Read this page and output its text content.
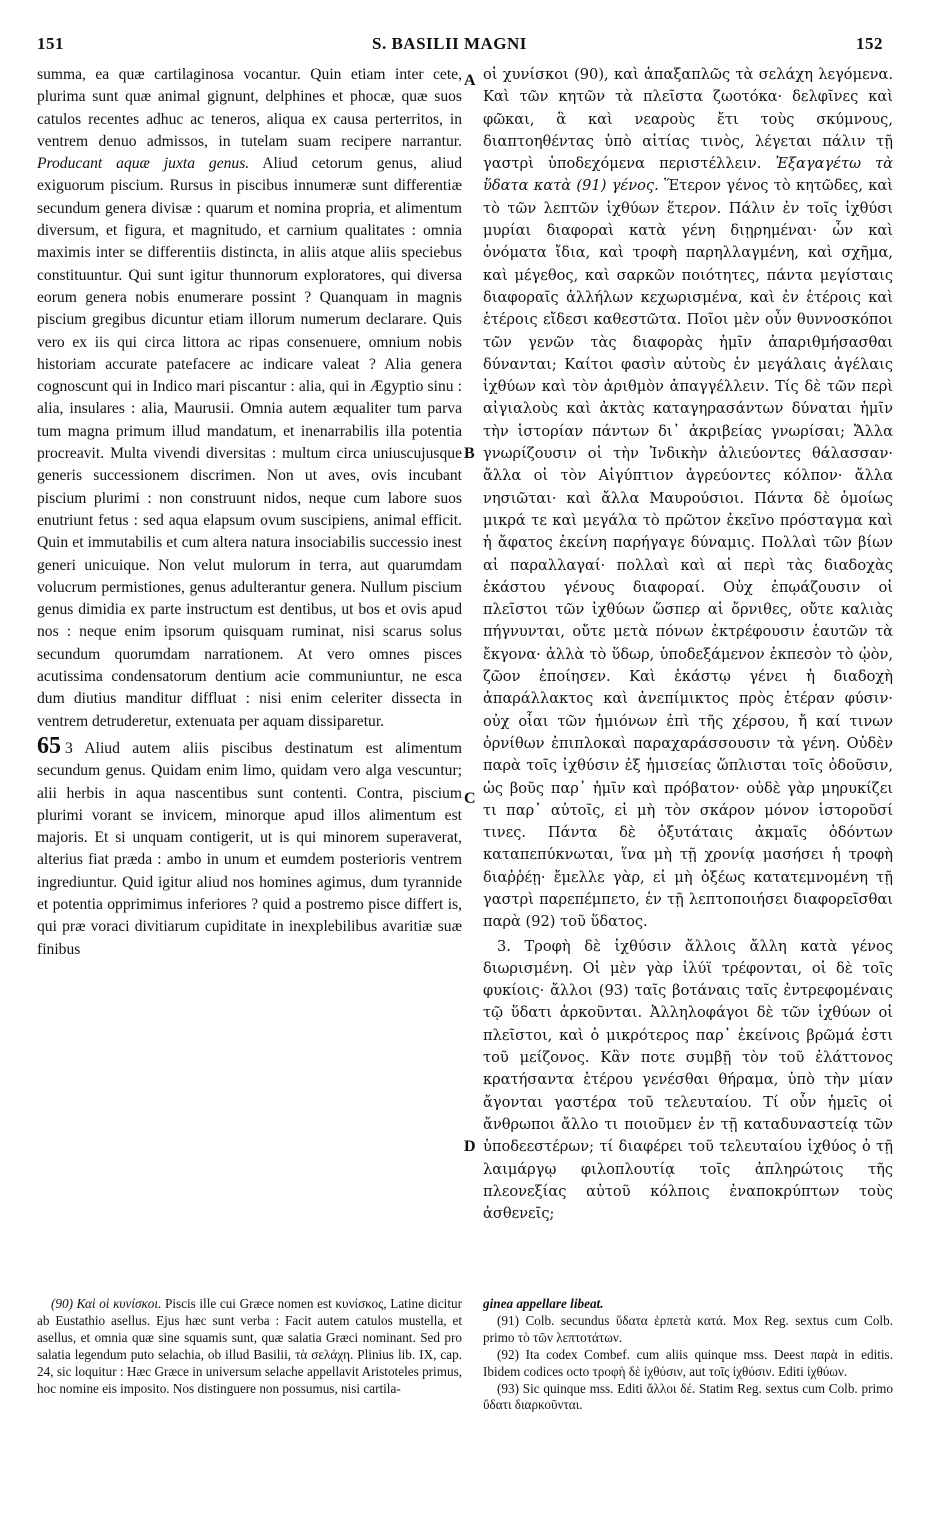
151	S. BASILII MAGNI	152

summa, ea quæ cartilaginosa vocantur. Quin etiam inter cete, plurima sunt quæ animal gignunt, delphines et phocæ, quæ suos catulos recentes adhuc ac teneros, aliqua ex causa perterritos, in ventrem denuo admissos, in tutelam suam recipere narrantur. Producant aquæ juxta genus. Aliud cetorum genus, aliud exiguorum piscium. Rursus in piscibus innumeræ sunt differentiæ secundum genera divisæ : quarum et nomina propria, et alimentum diversum, et figura, et magnitudo, et carnium qualitates : omnia maximis inter se differentiis distincta, in aliis atque aliis speciebus constituuntur. Qui sunt igitur thunnorum exploratores, qui diversa eorum genera nobis enumerare possint ? Quanquam in magnis piscium gregibus dicuntur etiam illorum numerum declarare. Quis vero ex iis qui circa littora ac ripas consenuere, omnium nobis historiam accurate patefacere ac indicare valeat ? Alia genera cognoscunt qui in Indico mari piscantur : alia, qui in Ægyptio sinu : alia, insulares : alia, Maurusii. Omnia autem æqualiter tum parva tum magna primum illud mandatum, et inenarrabilis illa potentia procreavit. Multa vivendi diversitas : multum circa uniuscujusque generis successionem discrimen. Non ut aves, ovis incubant piscium plurimi : non construunt nidos, neque cum labore suos enutriunt fetus : sed aqua elapsum ovum suscipiens, animal efficit. Quin et immutabilis et cum altera natura insociabilis successio inest generi unicuique. Non velut mulorum in terra, aut quarumdam volucrum permistiones, genus adulterantur genera. Nullum piscium genus dimidia ex parte instructum est dentibus, ut bos et ovis apud nos : neque enim ipsorum quisquam ruminat, nisi scarus solus secundum quorumdam narrationem. At vero omnes pisces acutissima condensatorum dentium acie communiuntur, ne esca dum diutius manditur diffluat : nisi enim celeriter dissecta in ventrem detruderetur, extenuata per aquam dissiparetur.

65 3 Aliud autem aliis piscibus destinatum est alimentum secundum genus. Quidam enim limo, quidam vero alga vescuntur; alii herbis in aqua nascentibus sunt contenti. Contra, piscium plurimi vorant se invicem, minorque apud illos alimentum est majoris. Et si unquam contigerit, ut is qui minorem superaverat, alterius fiat præda : ambo in unum et eumdem posterioris ventrem ingrediuntur. Quid igitur aliud nos homines agimus, dum tyrannide et potentia opprimimus inferiores ? quid a postremo pisce differt is, qui præ voraci divitiarum cupiditate in inexplebilibus avaritiæ suæ finibus

A
B
C
D

οἱ χυνίσκοι (90), καὶ ἁπαξαπλῶς τὰ σελάχη λεγόμενα. Καὶ τῶν κητῶν τὰ πλεῖστα ζωοτόκα· δελφῖνες καὶ φῶκαι, ἃ καὶ νεαροὺς ἔτι τοὺς σκύμνους, διαπτοηθέντας ὑπὸ αἰτίας τινὸς, λέγεται πάλιν τῇ γαστρὶ ὑποδεχόμενα περιστέλλειν. Ἐξαγαγέτω τὰ ὕδατα κατὰ (91) γένος. Ἕτερον γένος τὸ κητῶδες, καὶ τὸ τῶν λεπτῶν ἰχθύων ἕτερον. Πάλιν ἐν τοῖς ἰχθύσι μυρίαι διαφοραὶ κατὰ γένη διῃρημέναι· ὧν καὶ ὀνόματα ἴδια, καὶ τροφὴ παρηλλαγμένη, καὶ σχῆμα, καὶ μέγεθος, καὶ σαρκῶν ποιότητες, πάντα μεγίσταις διαφοραῖς ἀλλήλων κεχωρισμένα, καὶ ἐν ἑτέροις καὶ ἑτέροις εἴδεσι καθεστῶτα. Ποῖοι μὲν οὖν θυννοσκόποι τῶν γενῶν τὰς διαφορὰς ἡμῖν ἀπαριθμήσασθαι δύνανται; Καίτοι φασὶν αὐτοὺς ἐν μεγάλαις ἀγέλαις ἰχθύων καὶ τὸν ἀριθμὸν ἀπαγγέλλειν. Τίς δὲ τῶν περὶ αἰγιαλοὺς καὶ ἀκτὰς καταγηρασάντων δύναται ἡμῖν τὴν ἱστορίαν πάντων δι᾽ ἀκριβείας γνωρίσαι; Ἄλλα γνωρίζουσιν οἱ τὴν Ἰνδικὴν ἁλιεύοντες θάλασσαν· ἄλλα οἱ τὸν Αἰγύπτιον ἀγρεύοντες κόλπον· ἄλλα νησιῶται· καὶ ἄλλα Μαυρούσιοι. Πάντα δὲ ὁμοίως μικρά τε καὶ μεγάλα τὸ πρῶτον ἐκεῖνο πρόσταγμα καὶ ἡ ἄφατος ἐκείνη παρήγαγε δύναμις. Πολλαὶ τῶν βίων αἱ παραλλαγαί· πολλαὶ καὶ αἱ περὶ τὰς διαδοχὰς ἑκάστου γένους διαφοραί. Οὐχ ἐπῳάζουσιν οἱ πλεῖστοι τῶν ἰχθύων ὥσπερ αἱ ὄρνιθες, οὔτε καλιὰς πήγνυνται, οὔτε μετὰ πόνων ἐκτρέφουσιν ἑαυτῶν τὰ ἔκγονα· ἀλλὰ τὸ ὕδωρ, ὑποδεξάμενον ἐκπεσὸν τὸ ᾠὸν, ζῶον ἐποίησεν. Καὶ ἑκάστῳ γένει ἡ διαδοχὴ ἀπαράλλακτος καὶ ἀνεπίμικτος πρὸς ἑτέραν φύσιν· οὐχ οἷαι τῶν ἡμιόνων ἐπὶ τῆς χέρσου, ἤ καί τινων ὀρνίθων ἐπιπλοκαὶ παραχαράσσουσιν τὰ γένη. Οὐδὲν παρὰ τοῖς ἰχθύσιν ἐξ ἡμισείας ὥπλισται τοῖς ὀδοῦσιν, ὡς βοῦς παρ᾽ ἡμῖν καὶ πρόβατον· οὐδὲ γὰρ μηρυκίζει τι παρ᾽ αὐτοῖς, εἰ μὴ τὸν σκάρον μόνον ἱστοροῦσί τινες. Πάντα δὲ ὀξυτάταις ἀκμαῖς ὀδόντων καταπεπύκνωται, ἵνα μὴ τῇ χρονίᾳ μασήσει ἡ τροφὴ διαῤῥέῃ· ἔμελλε γὰρ, εἰ μὴ ὀξέως κατατεμνομένη τῇ γαστρὶ παρεπέμπετο, ἐν τῇ λεπτοποιήσει διαφορεῖσθαι παρὰ (92) τοῦ ὕδατος.

3. Τροφὴ δὲ ἰχθύσιν ἄλλοις ἄλλη κατὰ γένος διωρισμένη. Οἱ μὲν γὰρ ἰλύϊ τρέφονται, οἱ δὲ τοῖς φυκίοις· ἄλλοι (93) ταῖς βοτάναις ταῖς ἐντρεφομέναις τῷ ὕδατι ἀρκοῦνται. Ἀλληλοφάγοι δὲ τῶν ἰχθύων οἱ πλεῖστοι, καὶ ὁ μικρότερος παρ᾽ ἐκείνοις βρῶμά ἐστι τοῦ μείζονος. Κἂν ποτε συμβῇ τὸν τοῦ ἐλάττονος κρατήσαντα ἑτέρου γενέσθαι θήραμα, ὑπὸ τὴν μίαν ἄγονται γαστέρα τοῦ τελευταίου. Τί οὖν ἡμεῖς οἱ ἄνθρωποι ἄλλο τι ποιοῦμεν ἐν τῇ καταδυναστείᾳ τῶν ὑποδεεστέρων; τί διαφέρει τοῦ τελευταίου ἰχθύος ὁ τῇ λαιμάργῳ φιλοπλουτίᾳ τοῖς ἀπληρώτοις τῆς πλεονεξίας αὐτοῦ κόλποις ἐναποκρύπτων τοὺς ἀσθενεῖς;

(90) Καὶ οἱ κυνίσκοι. Piscis ille cui Græce nomen est κυνίσκος, Latine dicitur ab Eustathio asellus. Ejus hæc sunt verba : Facit autem catulos mustella, et asellus, et omnia quæ sine squamis sunt, quæ salatia Græci nominant. Sed pro salatia legendum puto selachia, ob illud Basilii, τὰ σελάχη. Plinius lib. IX, cap. 24, sic loquitur : Hæc Græce in universum selache appellavit Aristoteles primus, hoc nomine eis imposito. Nos distinguere non possumus, nisi cartila-

ginea appellare libeat.

(91) Colb. secundus ὕδατα ἑρπετὰ κατά. Mox Reg. sextus cum Colb. primo τὸ τῶν λεπτοτάτων.

(92) Ita codex Combef. cum aliis quinque mss. Deest παρὰ in editis. Ibidem codices octo τροφὴ δὲ ἰχθύσιν, aut τοῖς ἰχθύσιν. Editi ἰχθύων.

(93) Sic quinque mss. Editi ἄλλοι δέ. Statim Reg. sextus cum Colb. primo ὕδατι διαρκοῦνται.
